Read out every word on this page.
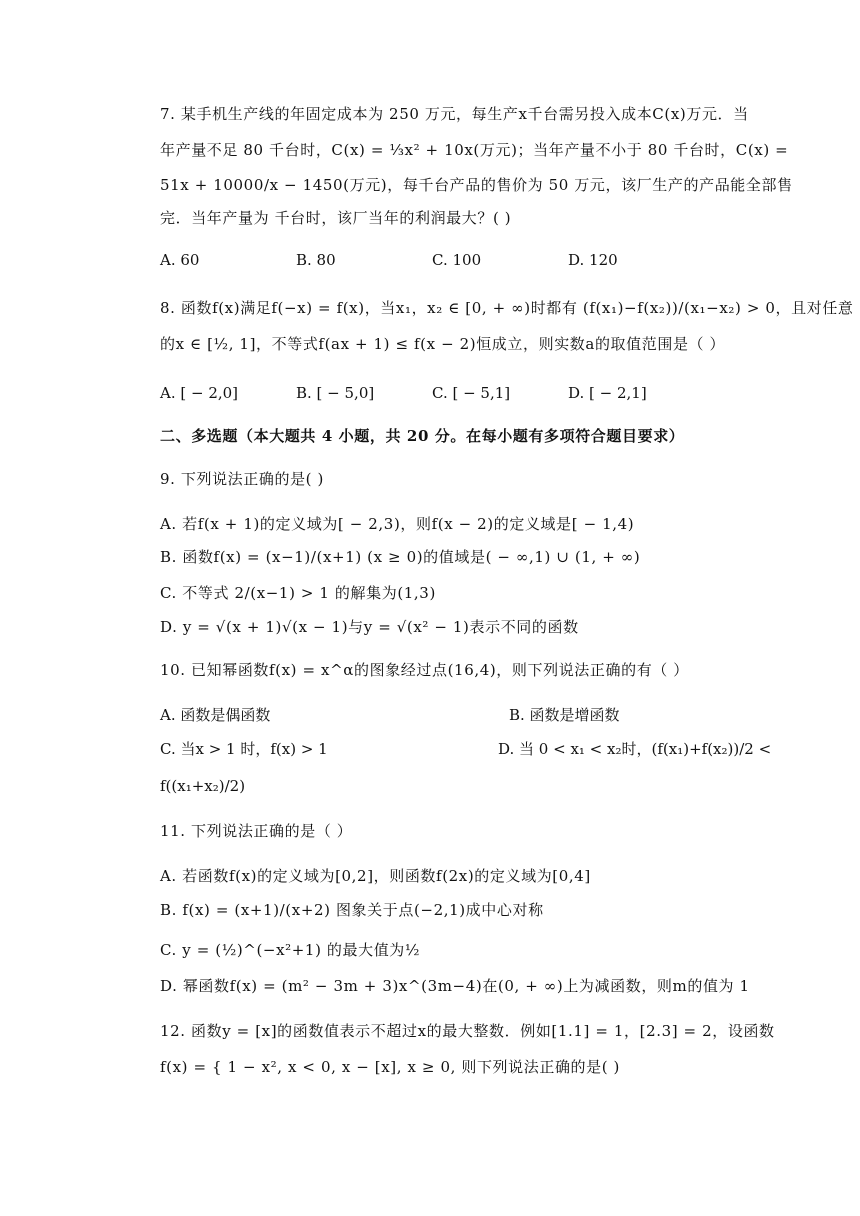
7. 某手机生产线的年固定成本为 250 万元，每生产x千台需另投入成本C(x)万元．当
年产量不足 80 千台时，C(x) = ⅓x² + 10x(万元)；当年产量不小于 80 千台时，C(x) =
51x + 10000/x − 1450(万元)，每千台产品的售价为 50 万元，该厂生产的产品能全部售
完．当年产量为 千台时，该厂当年的利润最大？( )
A. 60	B. 80	C. 100	D. 120
8. 函数f(x)满足f(−x) = f(x)，当x₁，x₂ ∈ [0, + ∞)时都有 (f(x₁)−f(x₂))/(x₁−x₂) > 0，且对任意
的x ∈ [½, 1]，不等式f(ax + 1) ≤ f(x − 2)恒成立，则实数a的取值范围是（ ）
A. [ − 2,0]	B. [ − 5,0]	C. [ − 5,1]	D. [ − 2,1]
二、多选题（本大题共 4 小题，共 20 分。在每小题有多项符合题目要求）
9. 下列说法正确的是( )
A. 若f(x + 1)的定义域为[ − 2,3)，则f(x − 2)的定义域是[ − 1,4)
B. 函数f(x) = (x−1)/(x+1) (x ≥ 0)的值域是( − ∞,1) ∪ (1, + ∞)
C. 不等式 2/(x−1) > 1 的解集为(1,3)
D. y = √(x + 1)√(x − 1)与y = √(x² − 1)表示不同的函数
10. 已知幂函数f(x) = x^α的图象经过点(16,4)，则下列说法正确的有（ ）
A. 函数是偶函数	B. 函数是增函数
C. 当x > 1 时，f(x) > 1	D. 当 0 < x₁ < x₂时，(f(x₁)+f(x₂))/2 <
f((x₁+x₂)/2)
11. 下列说法正确的是（ ）
A. 若函数f(x)的定义域为[0,2]，则函数f(2x)的定义域为[0,4]
B. f(x) = (x+1)/(x+2) 图象关于点(−2,1)成中心对称
C. y = (½)^(−x²+1) 的最大值为½
D. 幂函数f(x) = (m² − 3m + 3)x^(3m−4)在(0, + ∞)上为减函数，则m的值为 1
12. 函数y = [x]的函数值表示不超过x的最大整数．例如[1.1] = 1，[2.3] = 2，设函数
f(x) = { 1 − x², x < 0, x − [x], x ≥ 0, 则下列说法正确的是( )
